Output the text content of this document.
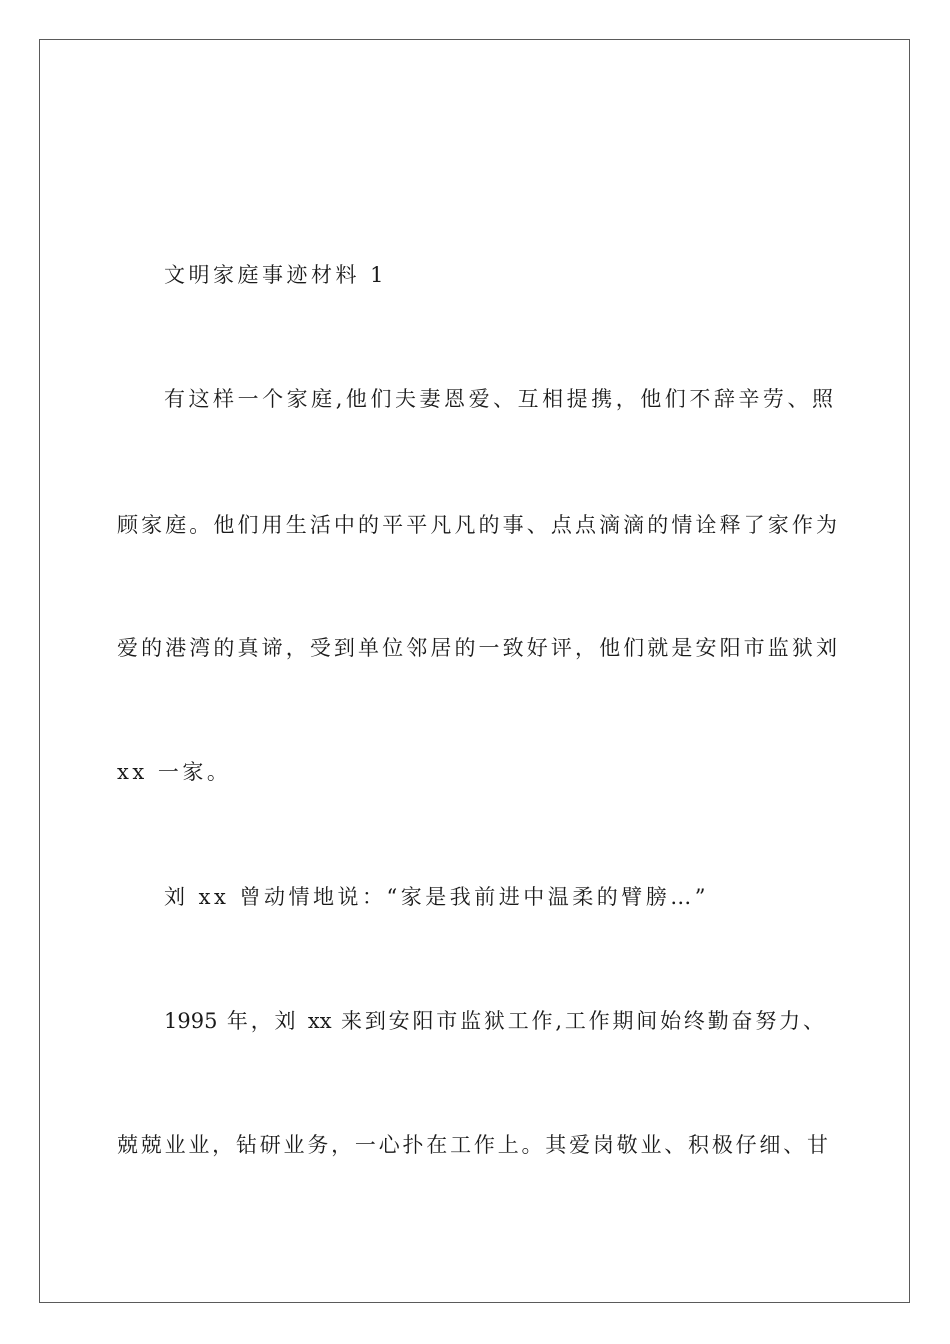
文明家庭事迹材料 1
有这样一个家庭,他们夫妻恩爱、互相提携，他们不辞辛劳、照
顾家庭。他们用生活中的平平凡凡的事、点点滴滴的情诠释了家作为
爱的港湾的真谛，受到单位邻居的一致好评，他们就是安阳市监狱刘
xx 一家。
刘 xx 曾动情地说：“家是我前进中温柔的臂膀…”
1995 年，刘 xx 来到安阳市监狱工作,工作期间始终勤奋努力、
兢兢业业，钻研业务，一心扑在工作上。其爱岗敬业、积极仔细、甘
